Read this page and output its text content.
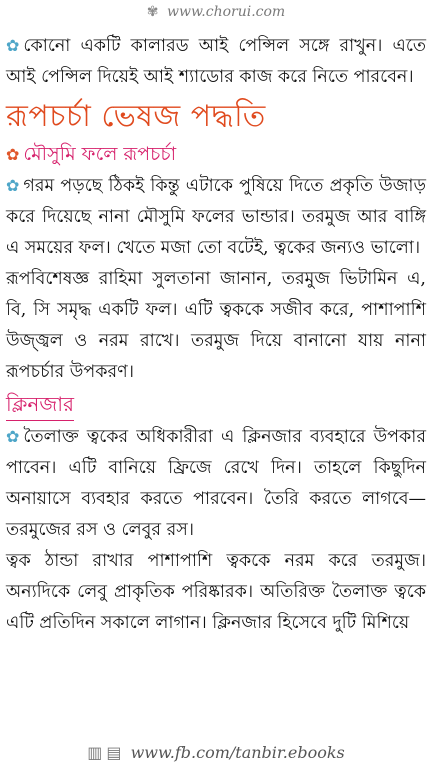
✾ www.chorui.com

✿ কোনো একটি কালারড আই পেন্সিল সঙ্গে রাখুন। এতে আই পেন্সিল দিয়েই আই শ্যাডোর কাজ করে নিতে পারবেন।

রূপচর্চা ভেষজ পদ্ধতি
✿ মৌসুমি ফলে রূপচর্চা

✿ গরম পড়ছে ঠিকই কিন্তু এটাকে পুষিয়ে দিতে প্রকৃতি উজাড় করে দিয়েছে নানা মৌসুমি ফলের ভান্ডার। তরমুজ আর বাঙ্গি এ সময়ের ফল। খেতে মজা তো বটেই, ত্বকের জন্যও ভালো।

রূপবিশেষজ্ঞ রাহিমা সুলতানা জানান, তরমুজ ভিটামিন এ, বি, সি সমৃদ্ধ একটি ফল। এটি ত্বককে সজীব করে, পাশাপাশি উজ্জ্বল ও নরম রাখে। তরমুজ দিয়ে বানানো যায় নানা রূপচর্চার উপকরণ।

ক্লিনজার

✿ তৈলাক্ত ত্বকের অধিকারীরা এ ক্লিনজার ব্যবহারে উপকার পাবেন। এটি বানিয়ে ফ্রিজে রেখে দিন। তাহলে কিছুদিন অনায়াসে ব্যবহার করতে পারবেন। তৈরি করতে লাগবে— তরমুজের রস ও লেবুর রস।

ত্বক ঠান্ডা রাখার পাশাপাশি ত্বককে নরম করে তরমুজ। অন্যদিকে লেবু প্রাকৃতিক পরিষ্কারক। অতিরিক্ত তৈলাক্ত ত্বকে এটি প্রতিদিন সকালে লাগান। ক্লিনজার হিসেবে দুটি মিশিয়ে

▥ ▤ www.fb.com/tanbir.ebooks
